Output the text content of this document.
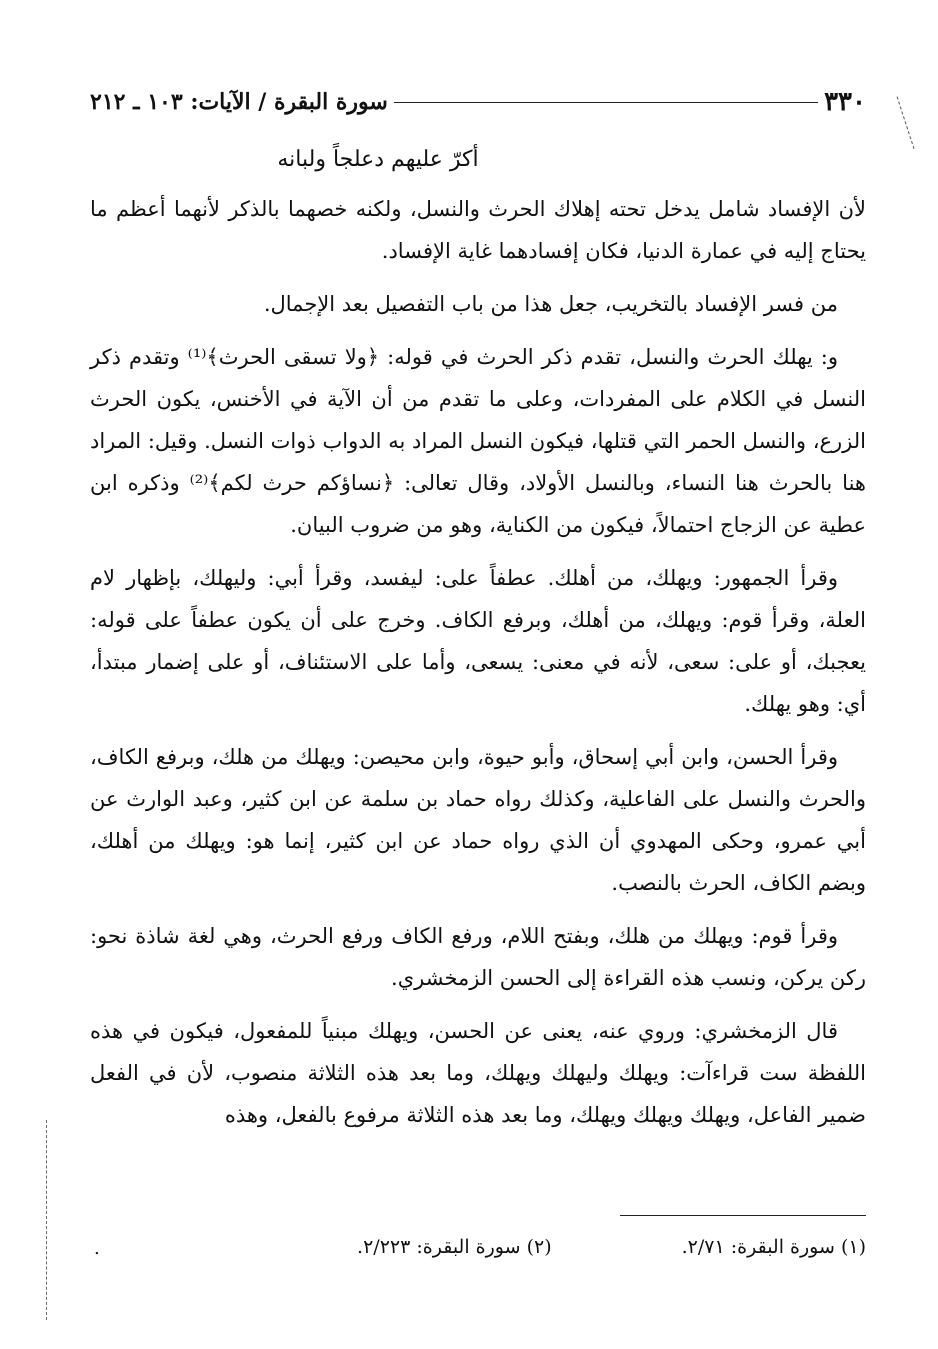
٣٣٠
سورة البقرة / الآيات: ١٠٣ ـ ٢١٢
أكرّ عليهم دعلجاً ولبانه

لأن الإفساد شامل يدخل تحته إهلاك الحرث والنسل، ولكنه خصهما بالذكر لأنهما أعظم ما يحتاج إليه في عمارة الدنيا، فكان إفسادهما غاية الإفساد.

من فسر الإفساد بالتخريب، جعل هذا من باب التفصيل بعد الإجمال.

و: يهلك الحرث والنسل، تقدم ذكر الحرث في قوله: ﴿ولا تسقى الحرث﴾⁽¹⁾ وتقدم ذكر النسل في الكلام على المفردات، وعلى ما تقدم من أن الآية في الأخنس، يكون الحرث الزرع، والنسل الحمر التي قتلها، فيكون النسل المراد به الدواب ذوات النسل. وقيل: المراد هنا بالحرث هنا النساء، وبالنسل الأولاد، وقال تعالى: ﴿نساؤكم حرث لكم﴾⁽²⁾ وذكره ابن عطية عن الزجاج احتمالاً، فيكون من الكناية، وهو من ضروب البيان.

وقرأ الجمهور: ويهلك، من أهلك. عطفاً على: ليفسد، وقرأ أبي: وليهلك، بإظهار لام العلة، وقرأ قوم: ويهلك، من أهلك، وبرفع الكاف. وخرج على أن يكون عطفاً على قوله: يعجبك، أو على: سعى، لأنه في معنى: يسعى، وأما على الاستئناف، أو على إضمار مبتدأ، أي: وهو يهلك.

وقرأ الحسن، وابن أبي إسحاق، وأبو حيوة، وابن محيصن: ويهلك من هلك، وبرفع الكاف، والحرث والنسل على الفاعلية، وكذلك رواه حماد بن سلمة عن ابن كثير، وعبد الوارث عن أبي عمرو، وحكى المهدوي أن الذي رواه حماد عن ابن كثير، إنما هو: ويهلك من أهلك، وبضم الكاف، الحرث بالنصب.

وقرأ قوم: ويهلك من هلك، وبفتح اللام، ورفع الكاف ورفع الحرث، وهي لغة شاذة نحو: ركن يركن، ونسب هذه القراءة إلى الحسن الزمخشري.

قال الزمخشري: وروي عنه، يعنى عن الحسن، ويهلك مبنياً للمفعول، فيكون في هذه اللفظة ست قراءآت: ويهلك وليهلك ويهلك، وما بعد هذه الثلاثة منصوب، لأن في الفعل ضمير الفاعل، ويهلك ويهلك ويهلك، وما بعد هذه الثلاثة مرفوع بالفعل، وهذه

(١) سورة البقرة: ٢/٧١.
(٢) سورة البقرة: ٢/٢٢٣.
.
